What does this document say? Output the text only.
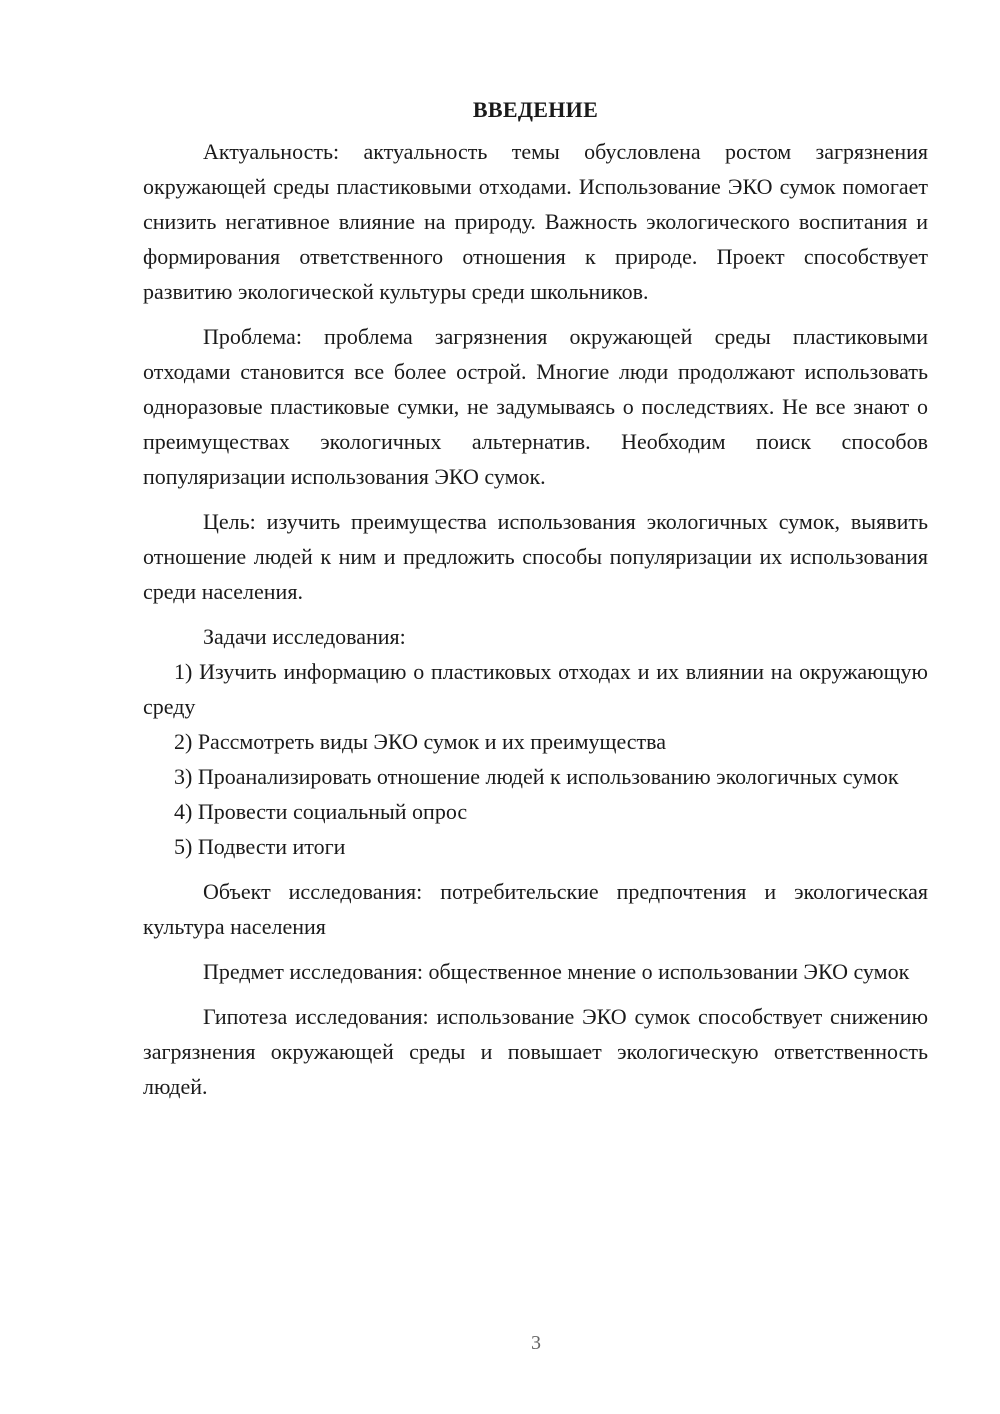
ВВЕДЕНИЕ

Актуальность: актуальность темы обусловлена ростом загрязнения окружающей среды пластиковыми отходами. Использование ЭКО сумок помогает снизить негативное влияние на природу. Важность экологического воспитания и формирования ответственного отношения к природе. Проект способствует развитию экологической культуры среди школьников.

Проблема: проблема загрязнения окружающей среды пластиковыми отходами становится все более острой. Многие люди продолжают использовать одноразовые пластиковые сумки, не задумываясь о последствиях. Не все знают о преимуществах экологичных альтернатив. Необходим поиск способов популяризации использования ЭКО сумок.

Цель: изучить преимущества использования экологичных сумок, выявить отношение людей к ним и предложить способы популяризации их использования среди населения.

Задачи исследования:

1) Изучить информацию о пластиковых отходах и их влиянии на окружающую среду

2) Рассмотреть виды ЭКО сумок и их преимущества

3) Проанализировать отношение людей к использованию экологичных сумок

4) Провести социальный опрос

5) Подвести итоги

Объект исследования: потребительские предпочтения и экологическая культура населения

Предмет исследования: общественное мнение о использовании ЭКО сумок

Гипотеза исследования: использование ЭКО сумок способствует снижению загрязнения окружающей среды и повышает экологическую ответственность людей.

3
